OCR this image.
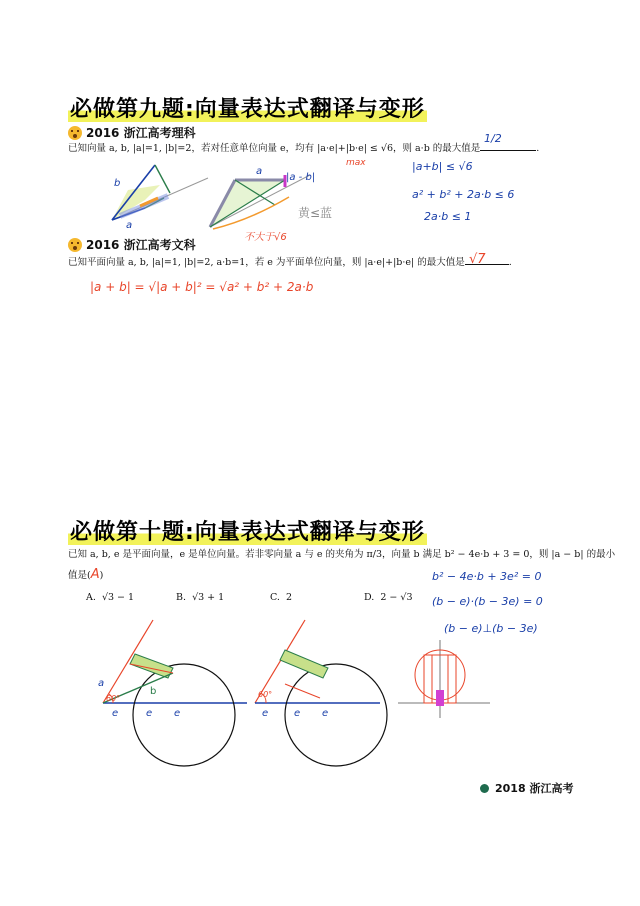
必做第九题:向量表达式翻译与变形
2016 浙江高考理科
已知向量 a, b, |a|=1, |b|=2，若对任意单位向量 e，均有 |a·e|+|b·e| ≤ √6，则 a·b 的最大值是	.
1/2
max	|a+b| ≤ √6
a² + b² + 2a·b ≤ 6
2a·b ≤ 1
b
a
a
|a - b|
黄≤蓝
不大于√6
2016 浙江高考文科
已知平面向量 a, b, |a|=1, |b|=2, a·b=1，若 e 为平面单位向量，则 |a·e|+|b·e| 的最大值是	.
√7
|a + b| = √|a + b|² = √a² + b² + 2a·b
必做第十题:向量表达式翻译与变形
已知 a, b, e 是平面向量，e 是单位向量。若非零向量 a 与 e 的夹角为 π/3，向量 b 满足 b² − 4e·b + 3 = 0，则 |a − b| 的最小
值是(A)
A. √3 − 1	B. √3 + 1	C. 2	D. 2 − √3
b² − 4e·b + 3e² = 0
(b − e)·(b − 3e) = 0
(b − e)⊥(b − 3e)
a
60°
b
e	e e
60°
e	e e
2018 浙江高考
